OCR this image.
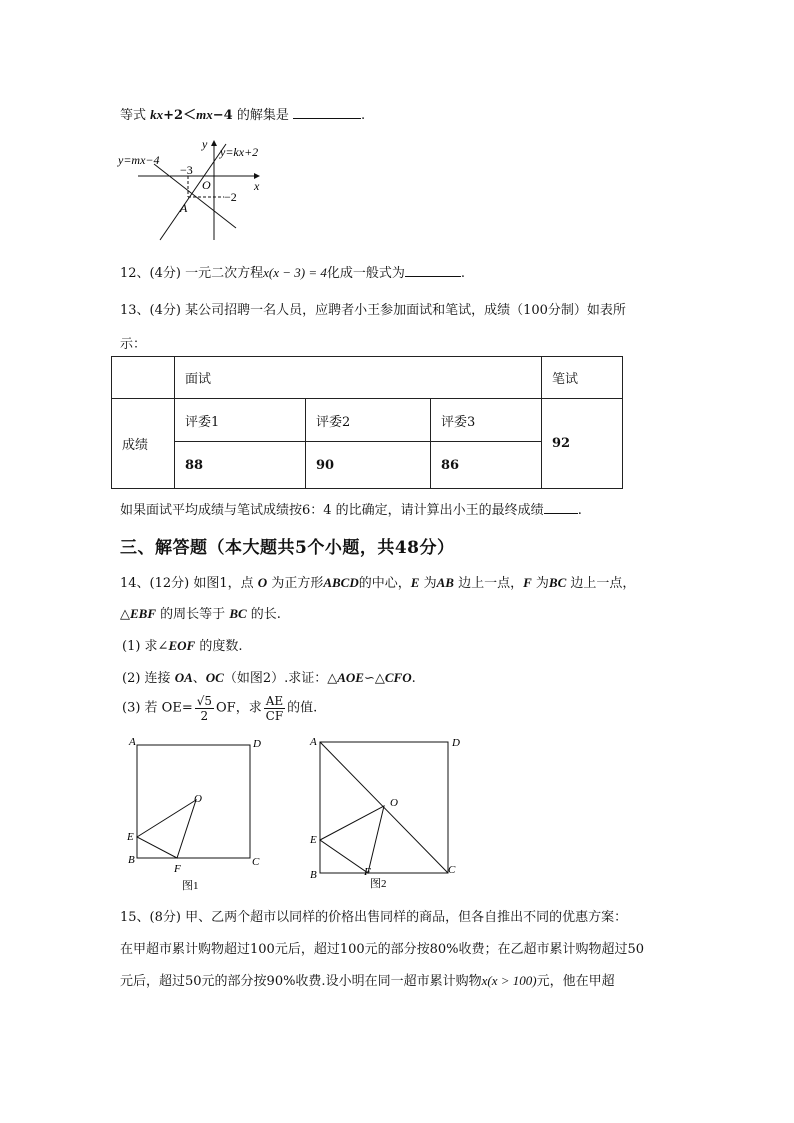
等式 kx+2＜mx−4 的解集是	.
y=mx−4
y=kx+2
y
x
O
−3
−2
A
12、(4分) 一元二次方程x(x − 3) = 4化成一般式为	.
13、(4分) 某公司招聘一名人员，应聘者小王参加面试和笔试，成绩（100分制）如表所
示：
	面试			笔试
成绩	评委1	评委2	评委3	92
	88	90	86	
如果面试平均成绩与笔试成绩按6：4 的比确定，请计算出小王的最终成绩	.
三、解答题（本大题共5个小题，共48分）
14、(12分) 如图1，点 O 为正方形ABCD的中心，E 为AB 边上一点，F 为BC 边上一点，
△EBF 的周长等于 BC 的长.
(1) 求∠EOF 的度数.
(2) 连接 OA、OC（如图2）.求证：△AOE∽△CFO.
(3) 若 $OE= \frac{√5}{2}$ OF，求 $\frac{AE}{CF}$ 的值.
A	D
B	C
E
F
O
图1
A	D
B	C
E
F
O
图2
15、(8分) 甲、乙两个超市以同样的价格出售同样的商品，但各自推出不同的优惠方案：
在甲超市累计购物超过100元后，超过100元的部分按80%收费；在乙超市累计购物超过50
元后，超过50元的部分按90%收费.设小明在同一超市累计购物x(x > 100)元，他在甲超
